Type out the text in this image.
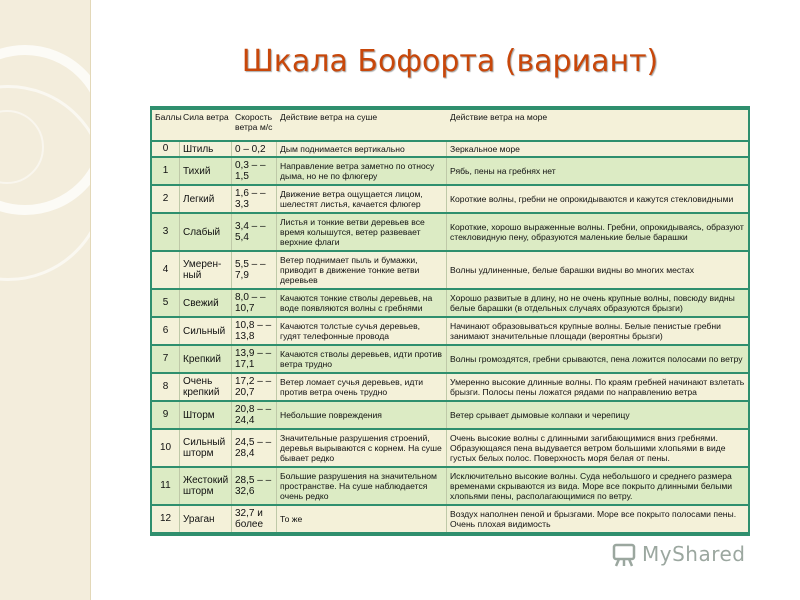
Шкала Бофорта (вариант)
Баллы	Сила ветра	Скорость ветра м/с	Действие ветра на суше	Действие ветра на море
0	Штиль	0 – 0,2	Дым поднимается вертикально	Зеркальное море
1	Тихий	0,3 – – 1,5	Направление ветра заметно по относу дыма, но не по флюгеру	Рябь, пены на гребнях нет
2	Легкий	1,6 – – 3,3	Движение ветра ощущается лицом, шелестят листья, качается флюгер	Короткие волны, гребни не опрокидываются и кажутся стекловидными
3	Слабый	3,4 – – 5,4	Листья и тонкие ветви деревьев все время колышутся, ветер развевает верхние флаги	Короткие, хорошо выраженные волны. Гребни, опрокидываясь, образуют стекловидную пену, образуются маленькие белые барашки
4	Умерен- ный	5,5 – – 7,9	Ветер поднимает пыль и бумажки, приводит в движение тонкие ветви деревьев	Волны удлиненные, белые барашки видны во многих местах
5	Свежий	8,0 – – 10,7	Качаются тонкие стволы деревьев, на воде появляются волны с гребнями	Хорошо развитые в длину, но не очень крупные волны, повсюду видны белые барашки (в отдельных случаях образуются брызги)
6	Сильный	10,8 – – 13,8	Качаются толстые сучья деревьев, гудят телефонные провода	Начинают образовываться крупные волны. Белые пенистые гребни занимают значительные площади (вероятны брызги)
7	Крепкий	13,9 – – 17,1	Качаются стволы деревьев, идти против ветра трудно	Волны громоздятся, гребни срываются, пена ложится полосами по ветру
8	Очень крепкий	17,2 – – 20,7	Ветер ломает сучья деревьев, идти против ветра очень трудно	Умеренно высокие длинные волны. По краям гребней начинают взлетать брызги. Полосы пены ложатся рядами по направлению ветра
9	Шторм	20,8 – – 24,4	Небольшие повреждения	Ветер срывает дымовые колпаки и черепицу
10	Сильный шторм	24,5 – – 28,4	Значительные разрушения строений, деревья вырываются с корнем. На суше бывает редко	Очень высокие волны с длинными загибающимися вниз гребнями. Образующаяся пена выдувается ветром большими хлопьями в виде густых белых полос. Поверхность моря белая от пены.
11	Жестокий шторм	28,5 – – 32,6	Большие разрушения на значительном пространстве. На суше наблюдается очень редко	Исключительно высокие волны. Суда небольшого и среднего размера временами скрываются из вида. Море все покрыто длинными белыми хлопьями пены, располагающимися по ветру.
12	Ураган	32,7 и более	То же	Воздух наполнен пеной и брызгами. Море все покрыто полосами пены. Очень плохая видимость
MyShared
